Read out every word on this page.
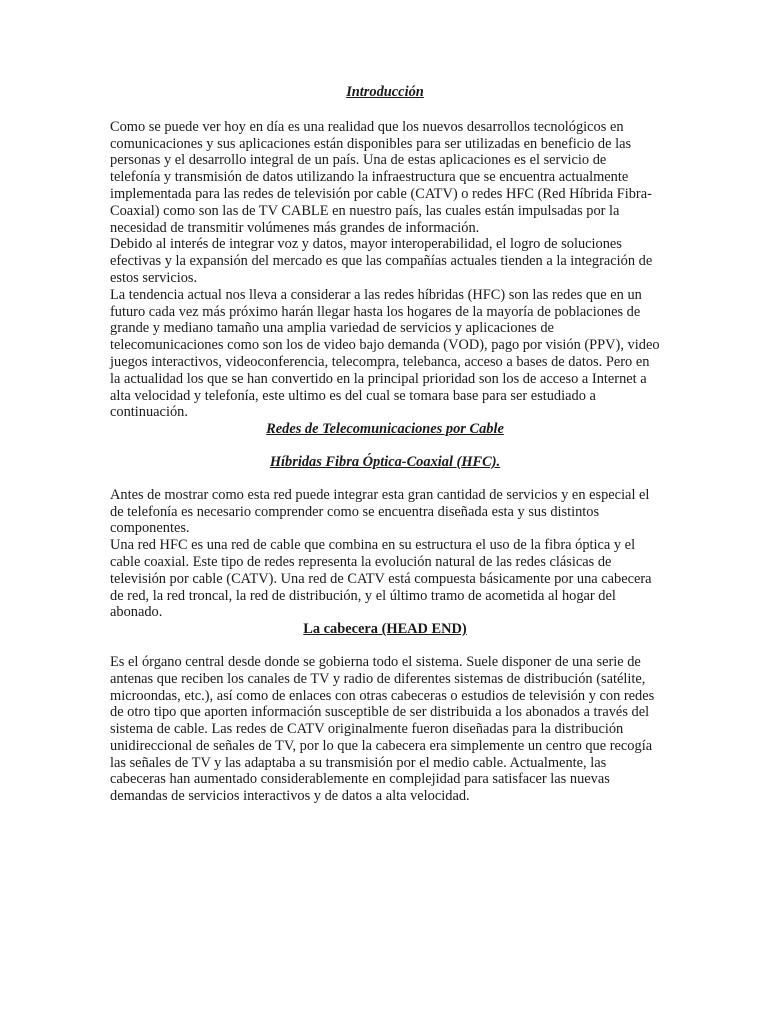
Introducción

Como se puede ver hoy en día es una realidad que los nuevos desarrollos tecnológicos en comunicaciones y sus aplicaciones están disponibles para ser utilizadas en beneficio de las personas y el desarrollo integral de un país. Una de estas aplicaciones es el servicio de telefonía y transmisión de datos utilizando la infraestructura que se encuentra actualmente implementada para las redes de televisión por cable (CATV) o redes HFC (Red Híbrida Fibra-Coaxial) como son las de TV CABLE en nuestro país, las cuales están impulsadas por la necesidad de transmitir volúmenes más grandes de información.

Debido al interés de integrar voz y datos, mayor interoperabilidad, el logro de soluciones efectivas y la expansión del mercado es que las compañías actuales tienden a la integración de estos servicios.

La tendencia actual nos lleva a considerar a las redes híbridas (HFC) son las redes que en un futuro cada vez más próximo harán llegar hasta los hogares de la mayoría de poblaciones de grande y mediano tamaño una amplia variedad de servicios y aplicaciones de telecomunicaciones como son los de video bajo demanda (VOD), pago por visión (PPV), video juegos interactivos, videoconferencia, telecompra, telebanca, acceso a bases de datos. Pero en la actualidad los que se han convertido en la principal prioridad son los de acceso a Internet a alta velocidad y telefonía, este ultimo es del cual se tomara base para ser estudiado a continuación.

Redes de Telecomunicaciones por Cable

Híbridas Fibra Óptica-Coaxial (HFC).

Antes de mostrar como esta red puede integrar esta gran cantidad de servicios y en especial el de telefonía es necesario comprender como se encuentra diseñada esta y sus distintos componentes.

Una red HFC es una red de cable que combina en su estructura el uso de la fibra óptica y el cable coaxial. Este tipo de redes representa la evolución natural de las redes clásicas de televisión por cable (CATV). Una red de CATV está compuesta básicamente por una cabecera de red, la red troncal, la red de distribución, y el último tramo de acometida al hogar del abonado.

La cabecera (HEAD END)

Es el órgano central desde donde se gobierna todo el sistema. Suele disponer de una serie de antenas que reciben los canales de TV y radio de diferentes sistemas de distribución (satélite, microondas, etc.), así como de enlaces con otras cabeceras o estudios de televisión y con redes de otro tipo que aporten información susceptible de ser distribuida a los abonados a través del sistema de cable. Las redes de CATV originalmente fueron diseñadas para la distribución unidireccional de señales de TV, por lo que la cabecera era simplemente un centro que recogía las señales de TV y las adaptaba a su transmisión por el medio cable. Actualmente, las cabeceras han aumentado considerablemente en complejidad para satisfacer las nuevas demandas de servicios interactivos y de datos a alta velocidad.
